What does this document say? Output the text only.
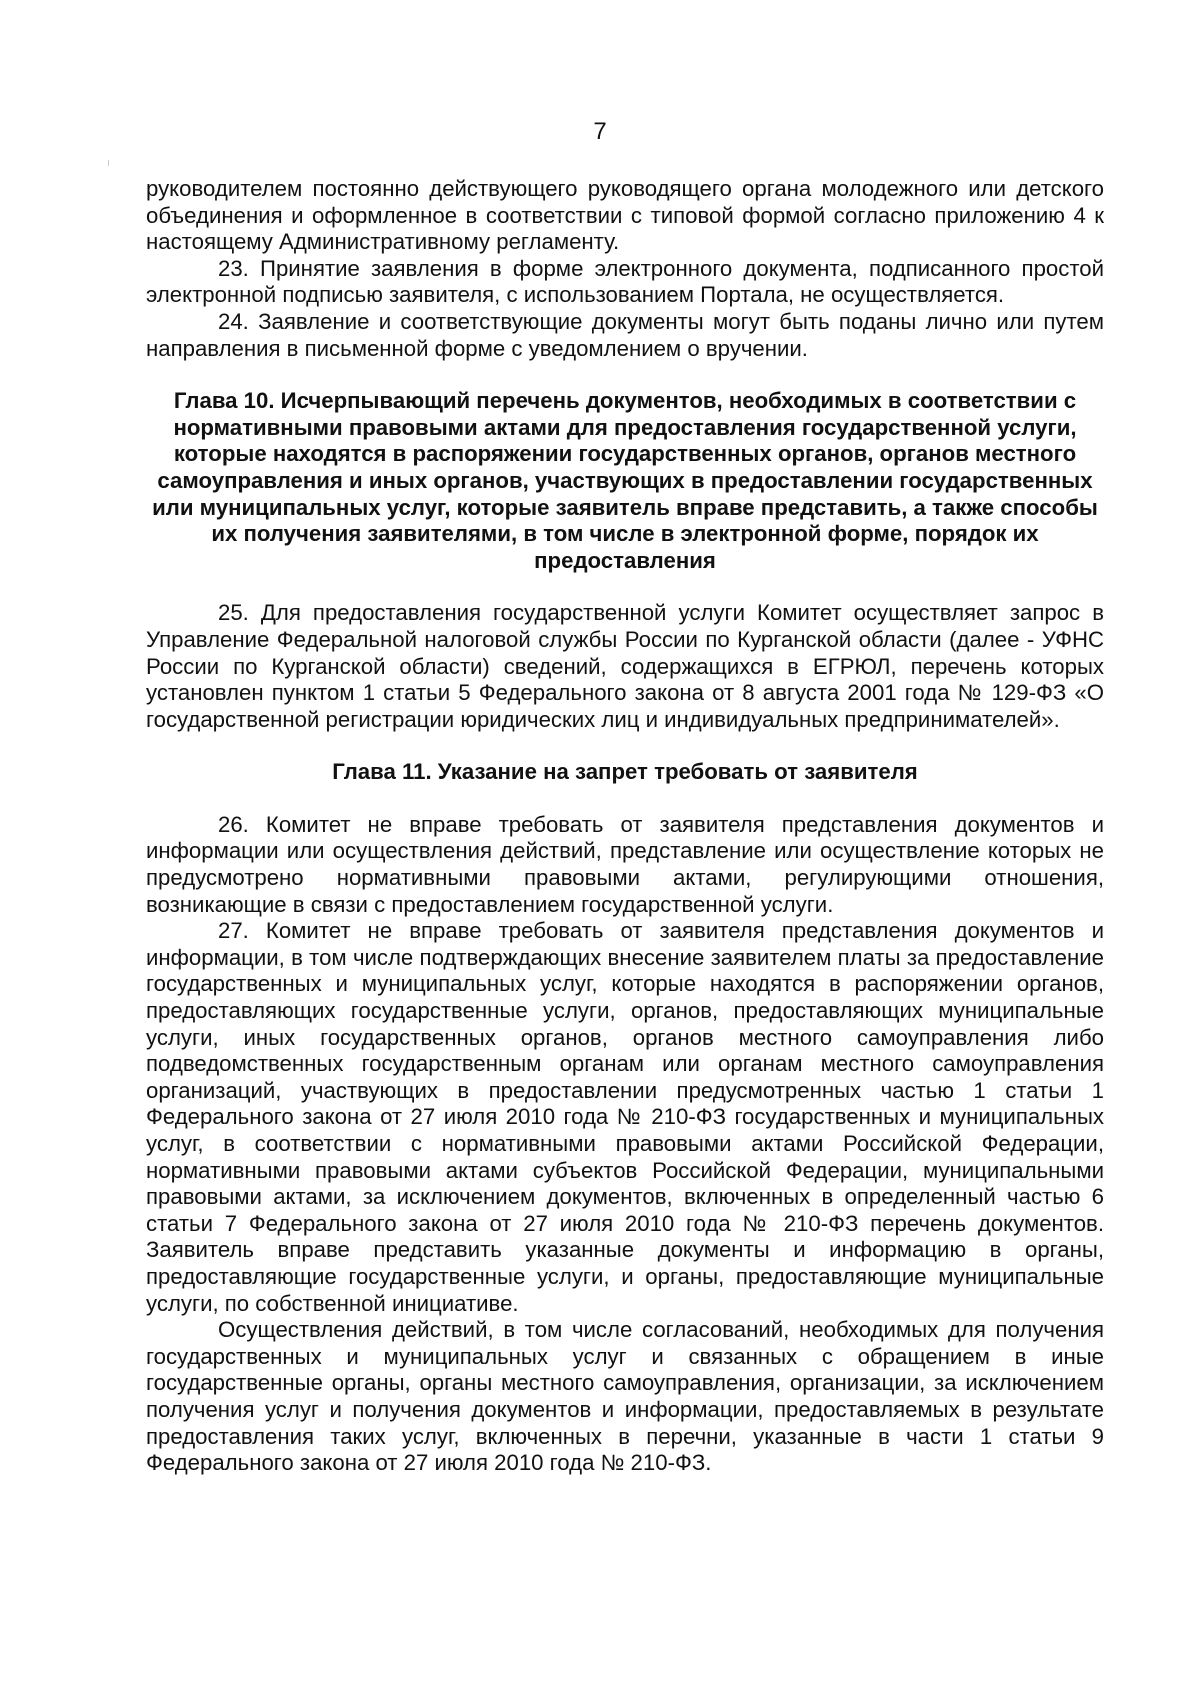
7

руководителем постоянно действующего руководящего органа молодежного или детского объединения и оформленное в соответствии с типовой формой согласно приложению 4 к настоящему Административному регламенту.

23. Принятие заявления в форме электронного документа, подписанного простой электронной подписью заявителя, с использованием Портала, не осуществляется.

24. Заявление и соответствующие документы могут быть поданы лично или путем направления в письменной форме с уведомлением о вручении.

Глава 10. Исчерпывающий перечень документов, необходимых в соответствии с нормативными правовыми актами для предоставления государственной услуги, которые находятся в распоряжении государственных органов, органов местного самоуправления и иных органов, участвующих в предоставлении государственных или муниципальных услуг, которые заявитель вправе представить, а также способы их получения заявителями, в том числе в электронной форме, порядок их предоставления

25. Для предоставления государственной услуги Комитет осуществляет запрос в Управление Федеральной налоговой службы России по Курганской области (далее - УФНС России по Курганской области) сведений, содержащихся в ЕГРЮЛ, перечень которых установлен пунктом 1 статьи 5 Федерального закона от 8 августа 2001 года № 129-ФЗ «О государственной регистрации юридических лиц и индивидуальных предпринимателей».

Глава 11. Указание на запрет требовать от заявителя

26. Комитет не вправе требовать от заявителя представления документов и информации или осуществления действий, представление или осуществление которых не предусмотрено нормативными правовыми актами, регулирующими отношения, возникающие в связи с предоставлением государственной услуги.

27. Комитет не вправе требовать от заявителя представления документов и информации, в том числе подтверждающих внесение заявителем платы за предоставление государственных и муниципальных услуг, которые находятся в распоряжении органов, предоставляющих государственные услуги, органов, предоставляющих муниципальные услуги, иных государственных органов, органов местного самоуправления либо подведомственных государственным органам или органам местного самоуправления организаций, участвующих в предоставлении предусмотренных частью 1 статьи 1 Федерального закона от 27 июля 2010 года № 210-ФЗ государственных и муниципальных услуг, в соответствии с нормативными правовыми актами Российской Федерации, нормативными правовыми актами субъектов Российской Федерации, муниципальными правовыми актами, за исключением документов, включенных в определенный частью 6 статьи 7 Федерального закона от 27 июля 2010 года № 210-ФЗ перечень документов. Заявитель вправе представить указанные документы и информацию в органы, предоставляющие государственные услуги, и органы, предоставляющие муниципальные услуги, по собственной инициативе.

Осуществления действий, в том числе согласований, необходимых для получения государственных и муниципальных услуг и связанных с обращением в иные государственные органы, органы местного самоуправления, организации, за исключением получения услуг и получения документов и информации, предоставляемых в результате предоставления таких услуг, включенных в перечни, указанные в части 1 статьи 9 Федерального закона от 27 июля 2010 года № 210-ФЗ.
